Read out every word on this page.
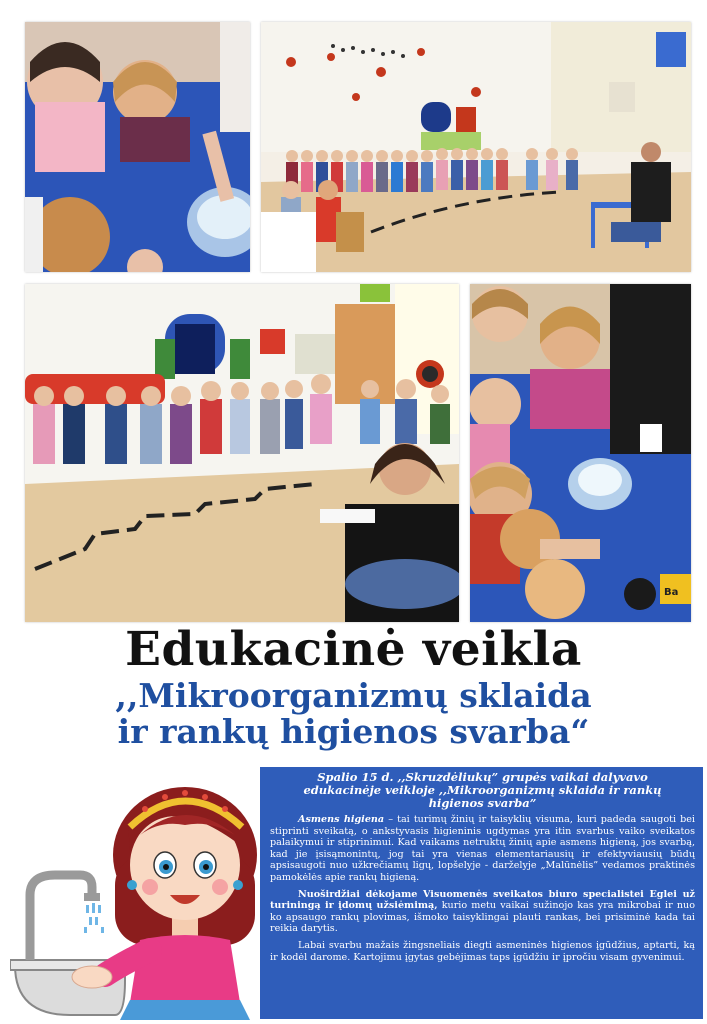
Ba
Edukacinė veikla
,,Mikroorganizmų sklaida
ir rankų higienos svarba“
Spalio 15 d. ,,Skruzdėliukų” grupės vaikai dalyvavo edukacinėje veikloje ,,Mikroorganizmų sklaida ir rankų higienos svarba”

Asmens higiena – tai turimų žinių ir taisyklių visuma, kuri padeda saugoti bei stiprinti sveikatą, o ankstyvasis higieninis ugdymas yra itin svarbus vaiko sveikatos palaikymui ir stiprinimui. Kad vaikams netruktų žinių apie asmens higieną, jos svarbą, kad jie įsisąmonintų, jog tai yra vienas elementariausių ir efektyviausių būdų apsisaugoti nuo užkrečiamų ligų, lopšelyje - darželyje „Malūnėlis” vedamos praktinės pamokėlės apie rankų higieną.

Nuoširdžiai dėkojame Visuomenės sveikatos biuro specialistei Eglei už turiningą ir įdomų užsiėmimą, kurio metu vaikai sužinojo kas yra mikrobai ir nuo ko apsaugo rankų plovimas, išmoko taisyklingai plauti rankas, bei prisiminė kada tai reikia darytis.

Labai svarbu mažais žingsneliais diegti asmeninės higienos įgūdžius, aptarti, ką ir kodėl darome. Kartojimu įgytas gebėjimas taps įgūdžiu ir įpročiu visam gyvenimui.
